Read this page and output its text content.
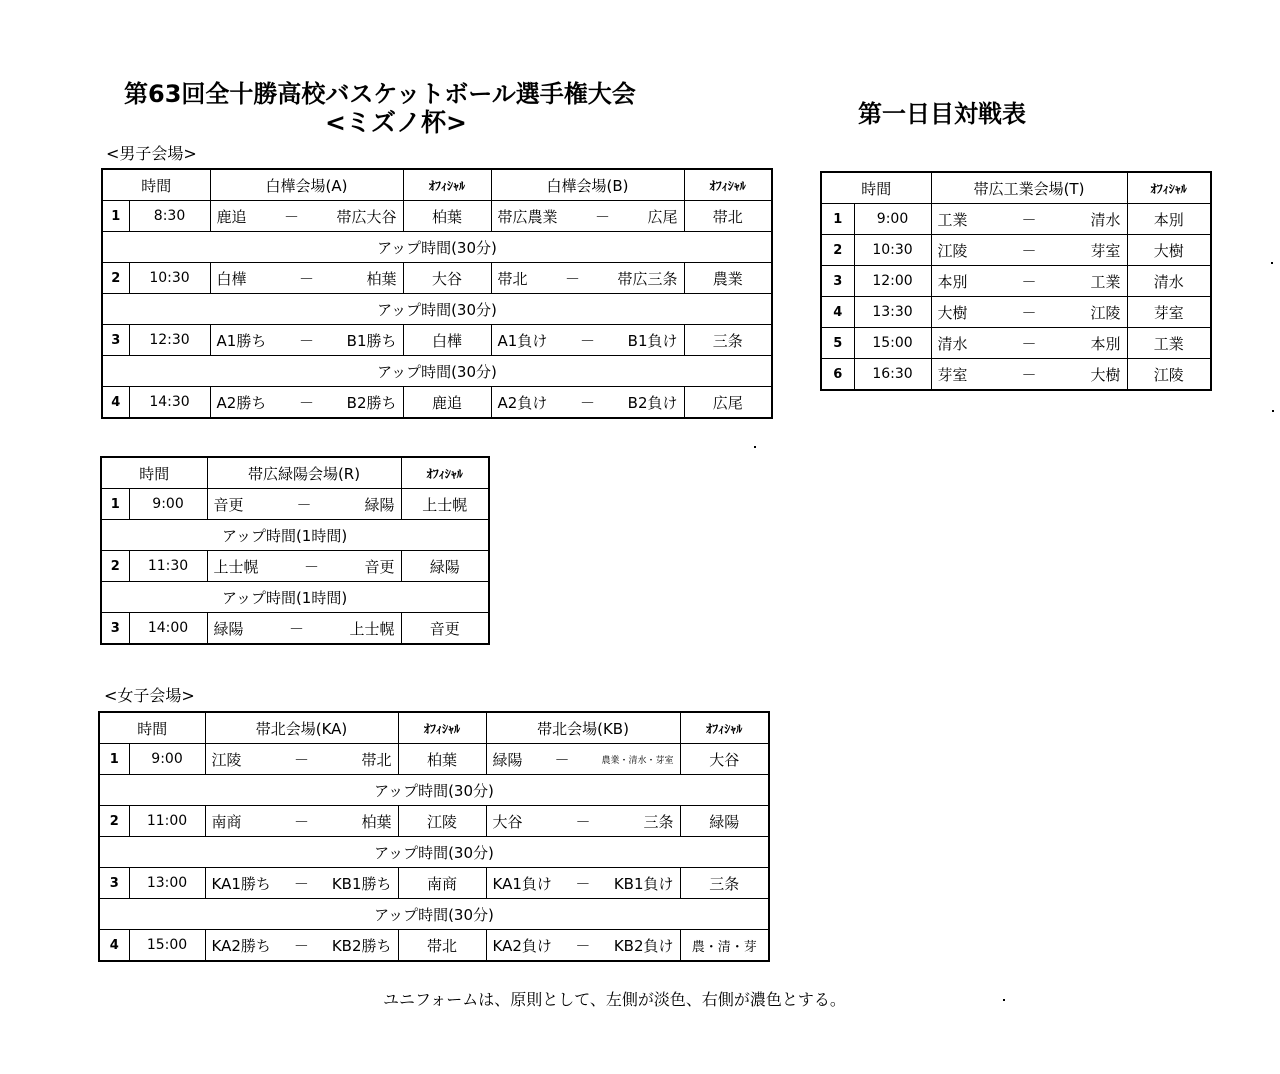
第63回全十勝高校バスケットボール選手権大会
<ミズノ杯>	第一日目対戦表
<男子会場>
時間		白樺会場(A)	ｵﾌｨｼｬﾙ	白樺会場(B)	ｵﾌｨｼｬﾙ
1	8:30	鹿追 － 帯広大谷	柏葉	帯広農業 － 広尾	帯北
アップ時間(30分)					
2	10:30	白樺 － 柏葉	大谷	帯北 － 帯広三条	農業
アップ時間(30分)					
3	12:30	A1勝ち － B1勝ち	白樺	A1負け － B1負け	三条
アップ時間(30分)					
4	14:30	A2勝ち － B2勝ち	鹿追	A2負け － B2負け	広尾
時間		帯広工業会場(T)	ｵﾌｨｼｬﾙ
1	9:00	工業 － 清水	本別
2	10:30	江陵 － 芽室	大樹
3	12:00	本別 － 工業	清水
4	13:30	大樹 － 江陵	芽室
5	15:00	清水 － 本別	工業
6	16:30	芽室 － 大樹	江陵
時間		帯広緑陽会場(R)	ｵﾌｨｼｬﾙ
1	9:00	音更 － 緑陽	上士幌
アップ時間(1時間)			
2	11:30	上士幌 － 音更	緑陽
アップ時間(1時間)			
3	14:00	緑陽 － 上士幌	音更
<女子会場>
時間		帯北会場(KA)	ｵﾌｨｼｬﾙ	帯北会場(KB)	ｵﾌｨｼｬﾙ
1	9:00	江陵 － 帯北	柏葉	緑陽 － 農業・清水・芽室	大谷
アップ時間(30分)					
2	11:00	南商 － 柏葉	江陵	大谷 － 三条	緑陽
アップ時間(30分)					
3	13:00	KA1勝ち － KB1勝ち	南商	KA1負け － KB1負け	三条
アップ時間(30分)					
4	15:00	KA2勝ち － KB2勝ち	帯北	KA2負け － KB2負け	農・清・芽
ユニフォームは、原則として、左側が淡色、右側が濃色とする。
